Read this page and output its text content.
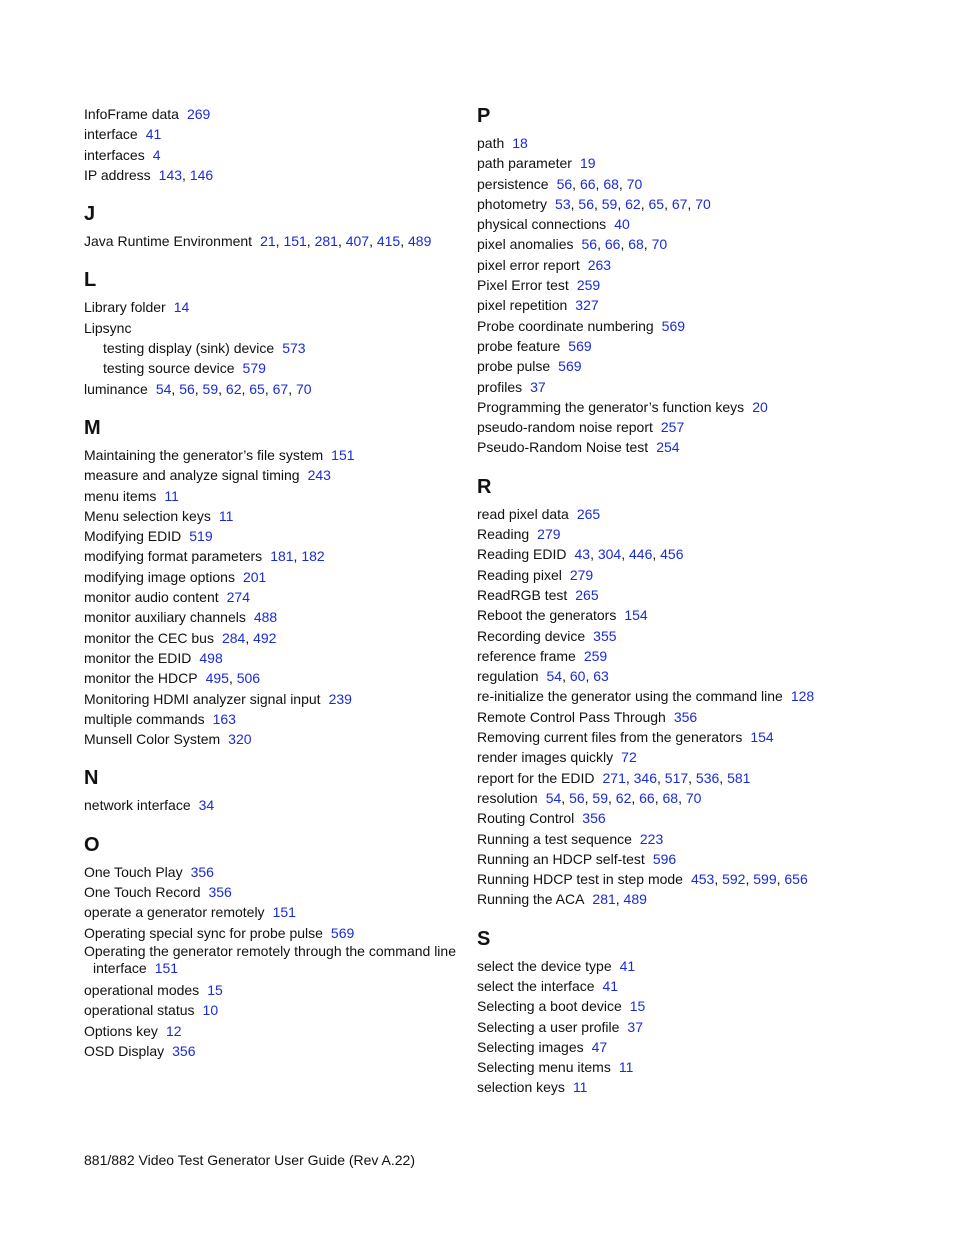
InfoFrame data 269
interface 41
interfaces 4
IP address 143, 146
J
Java Runtime Environment 21, 151, 281, 407, 415, 489
L
Library folder 14
Lipsync
testing display (sink) device 573
testing source device 579
luminance 54, 56, 59, 62, 65, 67, 70
M
Maintaining the generator’s file system 151
measure and analyze signal timing 243
menu items 11
Menu selection keys 11
Modifying EDID 519
modifying format parameters 181, 182
modifying image options 201
monitor audio content 274
monitor auxiliary channels 488
monitor the CEC bus 284, 492
monitor the EDID 498
monitor the HDCP 495, 506
Monitoring HDMI analyzer signal input 239
multiple commands 163
Munsell Color System 320
N
network interface 34
O
One Touch Play 356
One Touch Record 356
operate a generator remotely 151
Operating special sync for probe pulse 569
Operating the generator remotely through the command line interface 151
operational modes 15
operational status 10
Options key 12
OSD Display 356
P
path 18
path parameter 19
persistence 56, 66, 68, 70
photometry 53, 56, 59, 62, 65, 67, 70
physical connections 40
pixel anomalies 56, 66, 68, 70
pixel error report 263
Pixel Error test 259
pixel repetition 327
Probe coordinate numbering 569
probe feature 569
probe pulse 569
profiles 37
Programming the generator’s function keys 20
pseudo-random noise report 257
Pseudo-Random Noise test 254
R
read pixel data 265
Reading 279
Reading EDID 43, 304, 446, 456
Reading pixel 279
ReadRGB test 265
Reboot the generators 154
Recording device 355
reference frame 259
regulation 54, 60, 63
re-initialize the generator using the command line 128
Remote Control Pass Through 356
Removing current files from the generators 154
render images quickly 72
report for the EDID 271, 346, 517, 536, 581
resolution 54, 56, 59, 62, 66, 68, 70
Routing Control 356
Running a test sequence 223
Running an HDCP self-test 596
Running HDCP test in step mode 453, 592, 599, 656
Running the ACA 281, 489
S
select the device type 41
select the interface 41
Selecting a boot device 15
Selecting a user profile 37
Selecting images 47
Selecting menu items 11
selection keys 11
881/882 Video Test Generator User Guide (Rev A.22)
